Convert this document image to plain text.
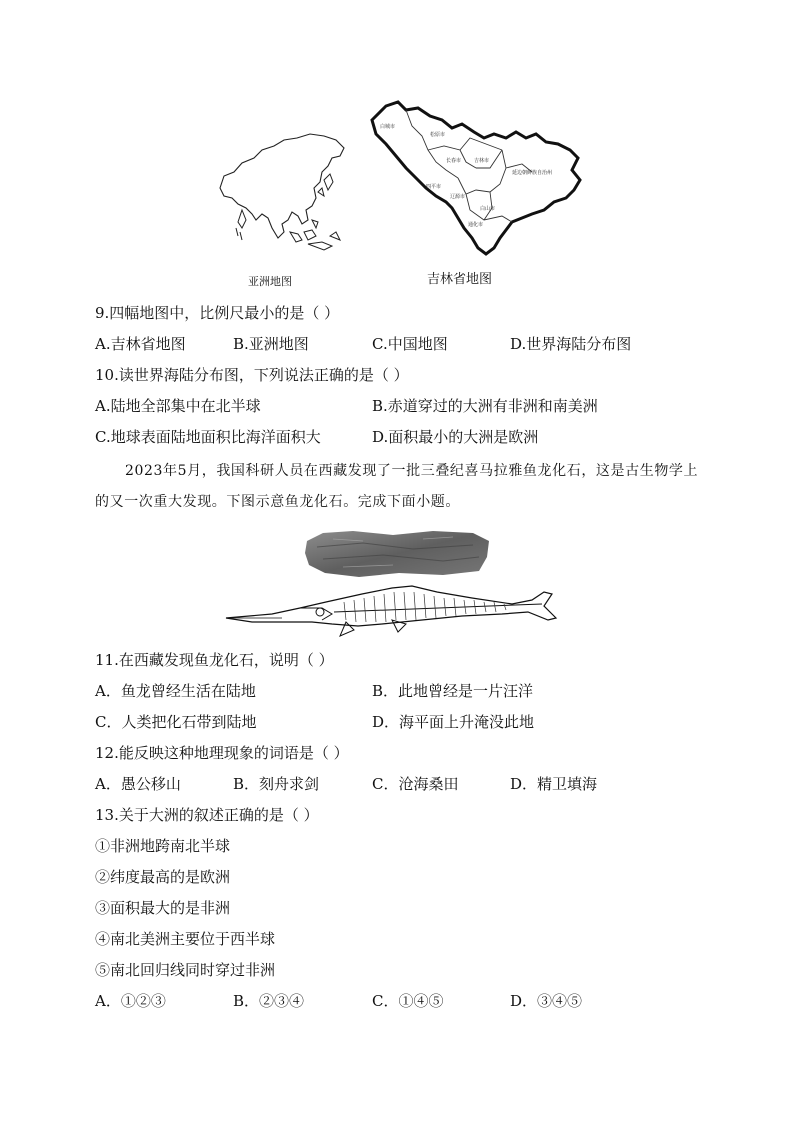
亚洲地图
白城市
松原市
长春市	吉林市
四平市
辽源市
通化市
白山市
延边朝鲜族自治州
吉林省地图
9.四幅地图中，比例尺最小的是（ ）
A.吉林省地图	B.亚洲地图	C.中国地图	D.世界海陆分布图
10.读世界海陆分布图，下列说法正确的是（ ）
A.陆地全部集中在北半球	B.赤道穿过的大洲有非洲和南美洲
C.地球表面陆地面积比海洋面积大	D.面积最小的大洲是欧洲
2023年5月，我国科研人员在西藏发现了一批三叠纪喜马拉雅鱼龙化石，这是古生物学上的又一次重大发现。下图示意鱼龙化石。完成下面小题。
11.在西藏发现鱼龙化石，说明（ ）
A．鱼龙曾经生活在陆地	B．此地曾经是一片汪洋
C．人类把化石带到陆地	D．海平面上升淹没此地
12.能反映这种地理现象的词语是（ ）
A．愚公移山	B．刻舟求剑	C．沧海桑田	D．精卫填海
13.关于大洲的叙述正确的是（ ）
①非洲地跨南北半球
②纬度最高的是欧洲
③面积最大的是非洲
④南北美洲主要位于西半球
⑤南北回归线同时穿过非洲
A．①②③	B．②③④	C．①④⑤	D．③④⑤
